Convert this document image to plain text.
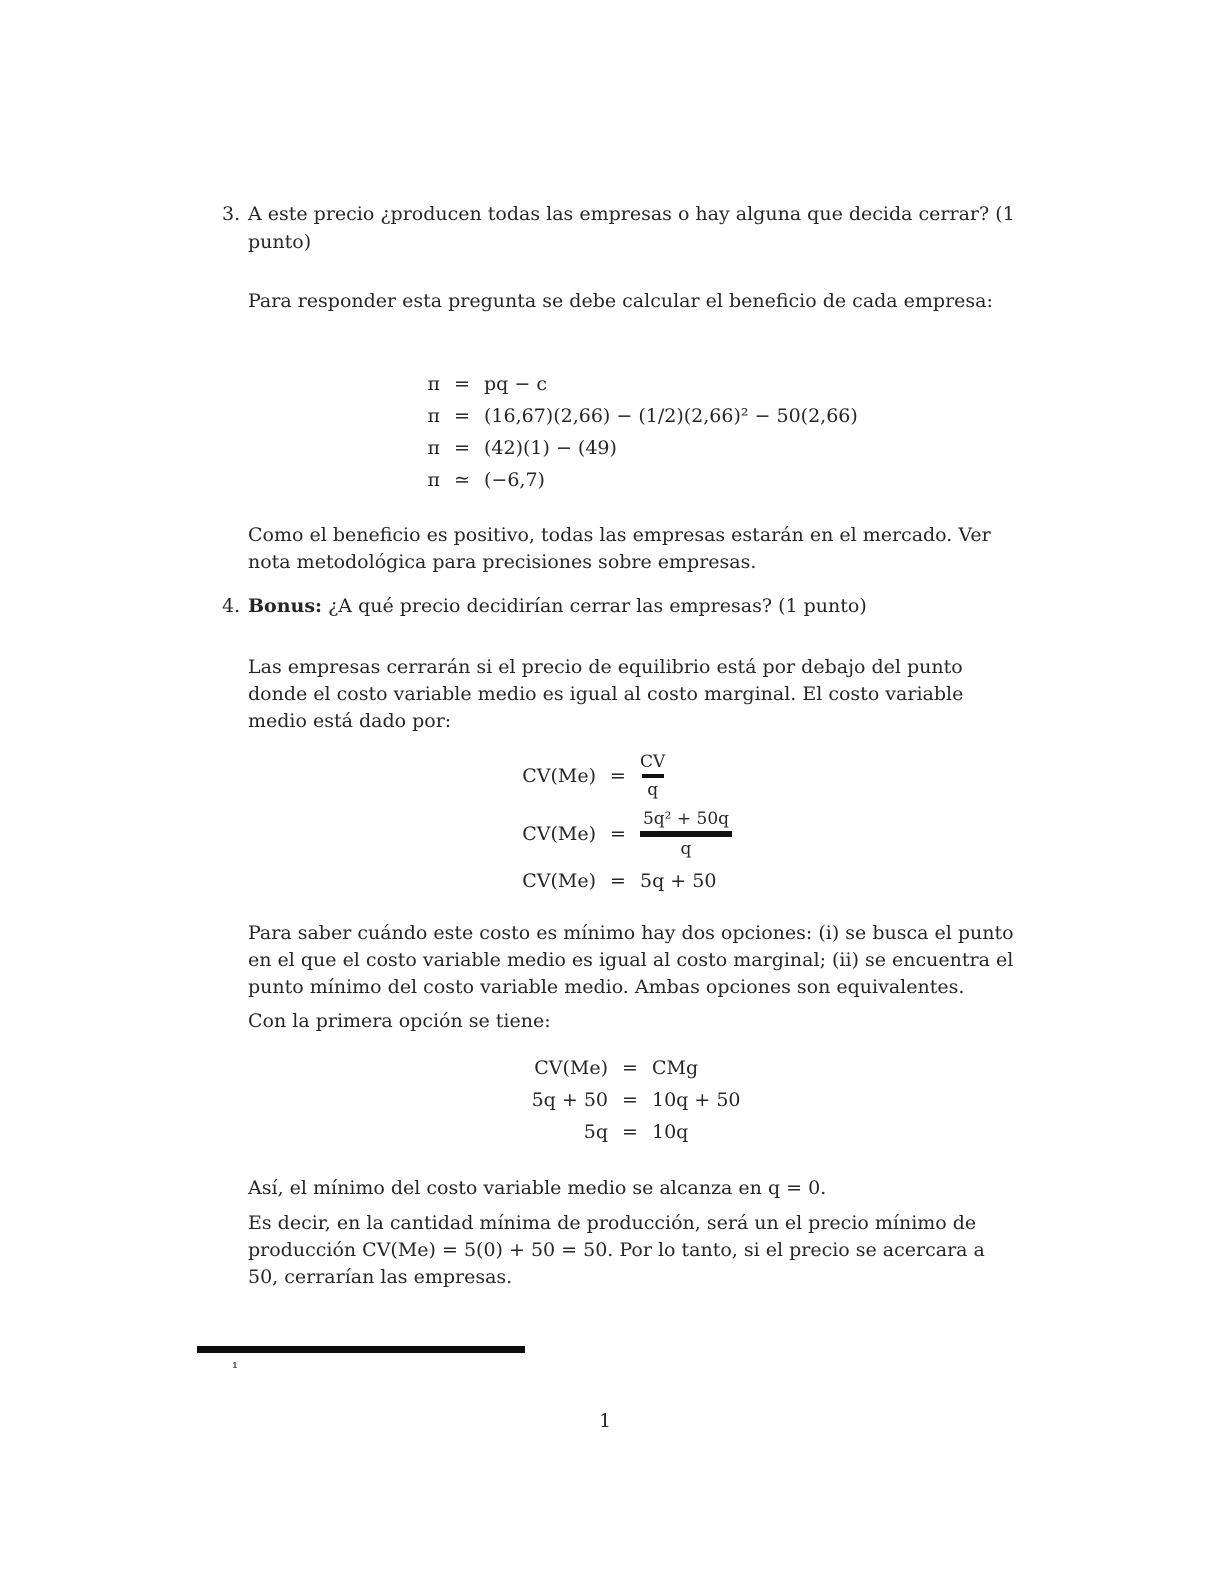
3. A este precio ¿producen todas las empresas o hay alguna que decida cerrar? (1 punto)
Para responder esta pregunta se debe calcular el beneficio de cada empresa:
π = pq − c
π = (16,67)(2,66) − (1/2)(2,66)² − 50(2,66)
π = (42)(1) − (49)
π ≃ (−6,7)
Como el beneficio es positivo, todas las empresas estarán en el mercado. Ver nota metodológica para precisiones sobre empresas.
4. Bonus: ¿A qué precio decidirían cerrar las empresas? (1 punto)
Las empresas cerrarán si el precio de equilibrio está por debajo del punto donde el costo variable medio es igual al costo marginal. El costo variable medio está dado por:
$CV(Me) = \frac{CV}{q}$
CV(Me) =
5q² + 50q
q
CV(Me) = 5q + 50
Para saber cuándo este costo es mínimo hay dos opciones: (i) se busca el punto en el que el costo variable medio es igual al costo marginal; (ii) se encuentra el punto mínimo del costo variable medio. Ambas opciones son equivalentes.
Con la primera opción se tiene:
CV(Me) = CMg
5q + 50 = 10q + 50
5q = 10q
Así, el mínimo del costo variable medio se alcanza en q = 0.
Es decir, en la cantidad mínima de producción, será un el precio mínimo de producción CV(Me) = 5(0) + 50 = 50. Por lo tanto, si el precio se acercara a 50, cerrarían las empresas.
¹
1
